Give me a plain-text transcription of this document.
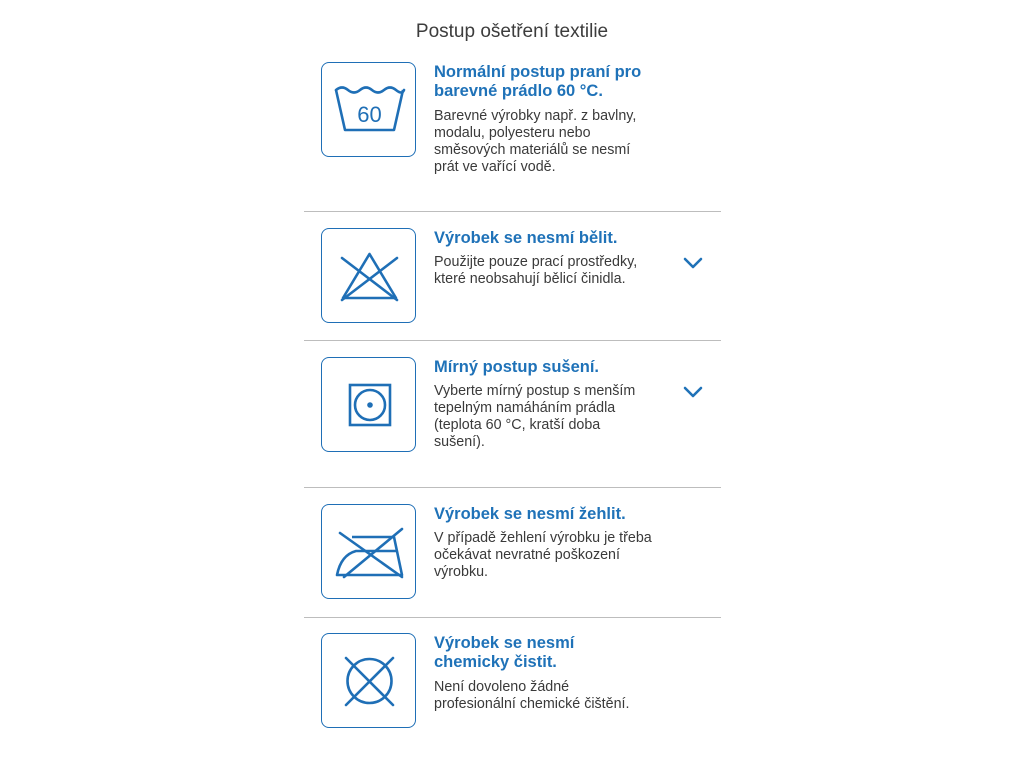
Postup ošetření textilie
60
Normální postup praní pro barevné prádlo 60 °C.
Barevné výrobky např. z bavlny, modalu, polyesteru nebo směsových materiálů se nesmí prát ve vařící vodě.
Výrobek se nesmí bělit.
Použijte pouze prací prostředky, které neobsahují bělicí činidla.
Mírný postup sušení.
Vyberte mírný postup s menším tepelným namáháním prádla (teplota 60 °C, kratší doba sušení).
Výrobek se nesmí žehlit.
V případě žehlení výrobku je třeba očekávat nevratné poškození výrobku.
Výrobek se nesmí chemicky čistit.
Není dovoleno žádné profesionální chemické čištění.
